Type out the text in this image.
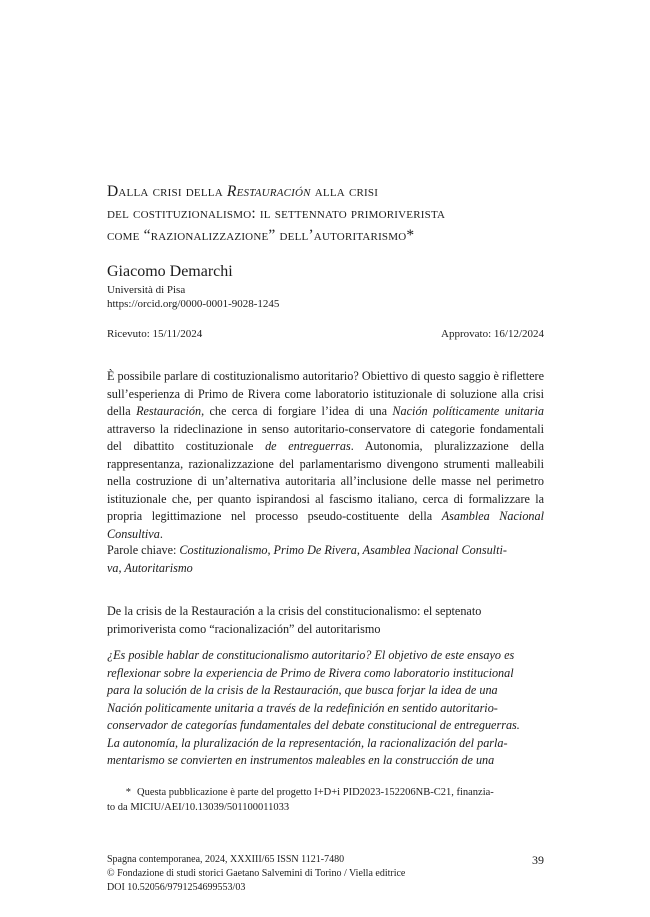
Dalla crisi della Restauración alla crisi
del costituzionalismo: il settennato primoriverista
come “razionalizzazione” dell’autoritarismo*
Giacomo Demarchi
Università di Pisa
https://orcid.org/0000-0001-9028-1245
Ricevuto: 15/11/2024	Approvato: 16/12/2024

È possibile parlare di costituzionalismo autoritario? Obiettivo di questo saggio è riflettere sull’esperienza di Primo de Rivera come laboratorio istituzionale di soluzione alla crisi della Restauración, che cerca di forgiare l’idea di una Nación políticamente unitaria attraverso la rideclinazione in senso autoritario-conservatore di categorie fondamentali del dibattito costituzionale de entreguerras. Autonomia, pluralizzazione della rappresentanza, razionalizzazione del parlamentarismo divengono strumenti malleabili nella costruzione di un’alternativa autoritaria all’inclusione delle masse nel perimetro istituzionale che, per quanto ispirandosi al fascismo italiano, cerca di formalizzare la propria legittimazione nel processo pseudo-costituente della Asamblea Nacional Consultiva.

Parole chiave: Costituzionalismo, Primo De Rivera, Asamblea Nacional Consulti-
va, Autoritarismo

De la crisis de la Restauración a la crisis del constitucionalismo: el septenato
primoriverista como “racionalización” del autoritarismo

¿Es posible hablar de constitucionalismo autoritario? El objetivo de este ensayo es
reflexionar sobre la experiencia de Primo de Rivera como laboratorio institucional
para la solución de la crisis de la Restauración, que busca forjar la idea de una
Nación politicamente unitaria a través de la redefinición en sentido autoritario-
conservador de categorías fundamentales del debate constitucional de entreguerras.
La autonomía, la pluralización de la representación, la racionalización del parla-
mentarismo se convierten en instrumentos maleables en la construcción de una

* Questa pubblicazione è parte del progetto I+D+i PID2023-152206NB-C21, finanzia-
to da MICIU/AEI/10.13039/501100011033

Spagna contemporanea, 2024, XXXIII/65 ISSN 1121-7480
© Fondazione di studi storici Gaetano Salvemini di Torino / Viella editrice
DOI 10.52056/9791254699553/03
39
